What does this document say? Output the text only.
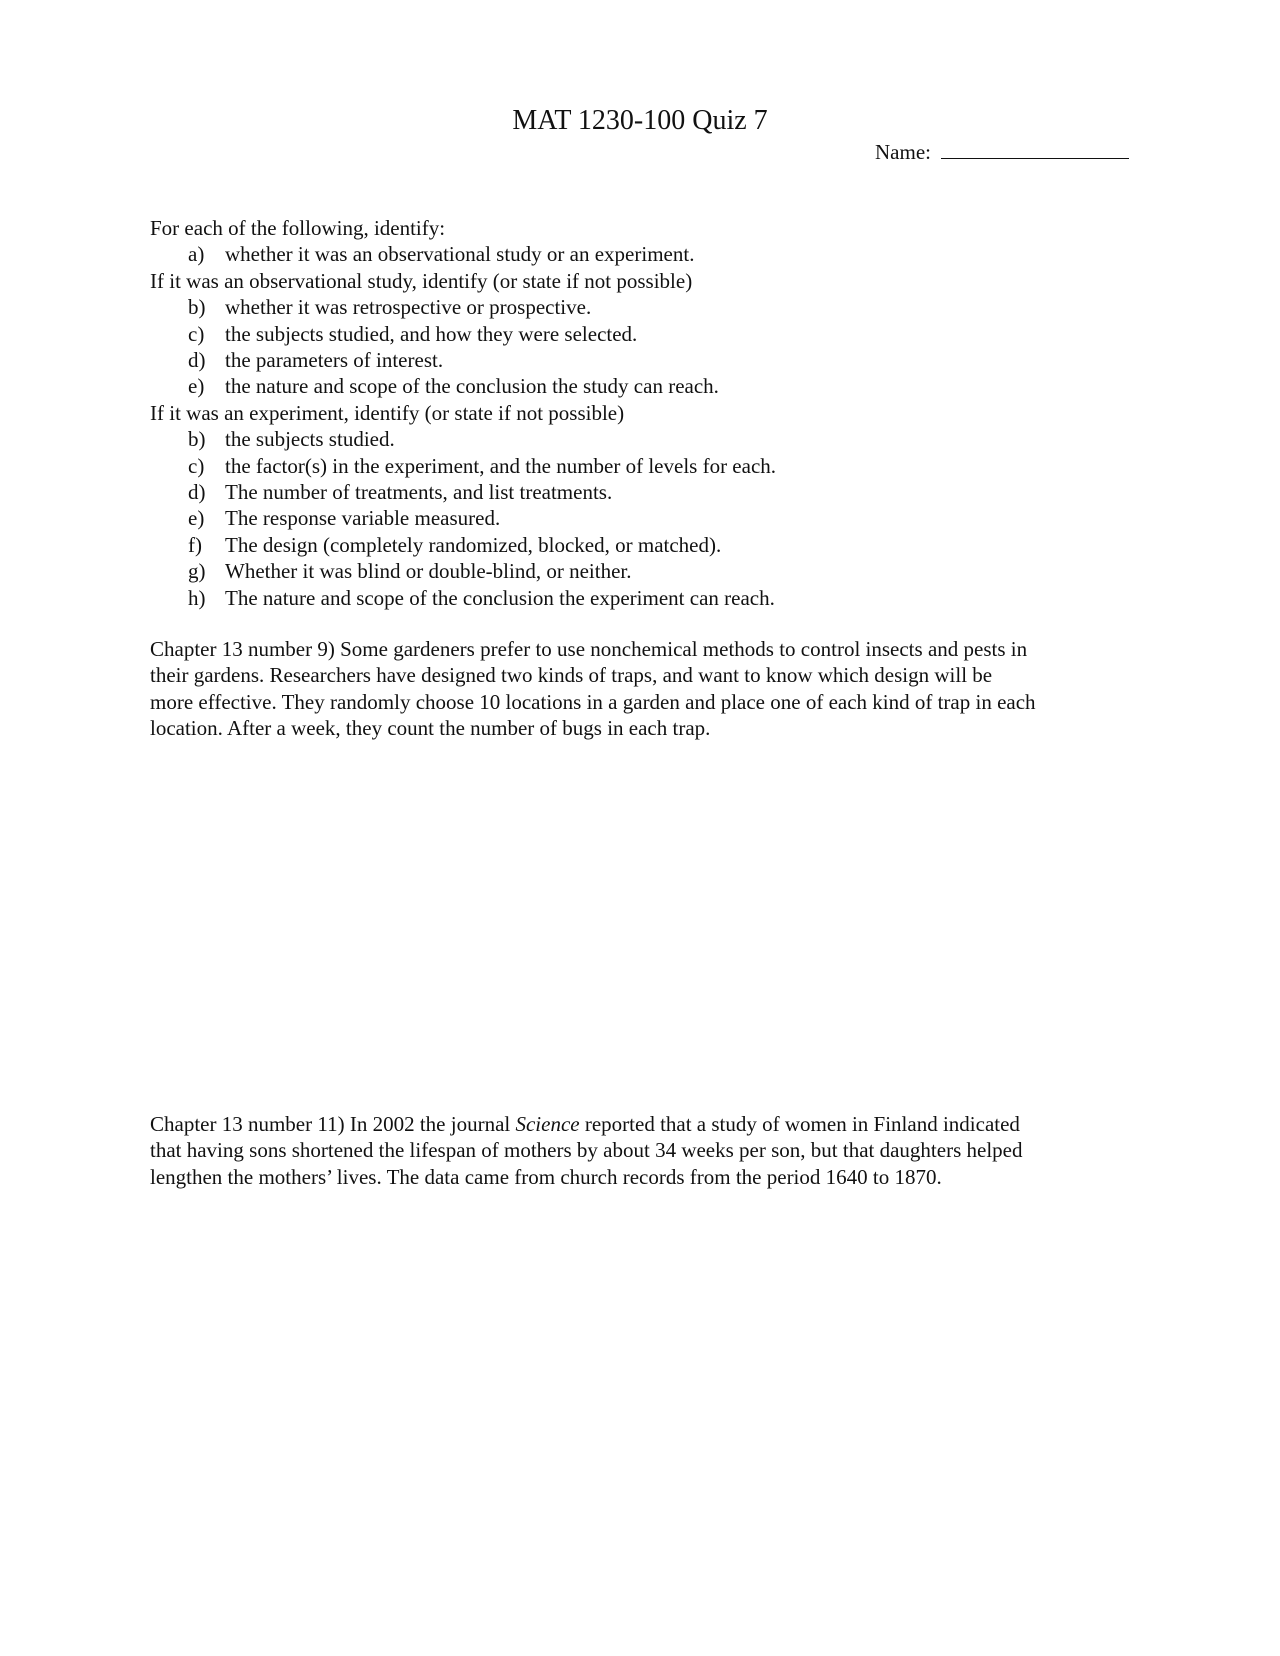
MAT 1230-100 Quiz 7
Name:

For each of the following, identify:

a) whether it was an observational study or an experiment.

If it was an observational study, identify (or state if not possible)

b) whether it was retrospective or prospective.

c) the subjects studied, and how they were selected.

d) the parameters of interest.

e) the nature and scope of the conclusion the study can reach.

If it was an experiment, identify (or state if not possible)

b) the subjects studied.

c) the factor(s) in the experiment, and the number of levels for each.

d) The number of treatments, and list treatments.

e) The response variable measured.

f) The design (completely randomized, blocked, or matched).

g) Whether it was blind or double-blind, or neither.

h) The nature and scope of the conclusion the experiment can reach.

Chapter 13 number 9) Some gardeners prefer to use nonchemical methods to control insects and pests in

their gardens. Researchers have designed two kinds of traps, and want to know which design will be

more effective. They randomly choose 10 locations in a garden and place one of each kind of trap in each

location. After a week, they count the number of bugs in each trap.

Chapter 13 number 11) In 2002 the journal Science reported that a study of women in Finland indicated

that having sons shortened the lifespan of mothers by about 34 weeks per son, but that daughters helped

lengthen the mothers’ lives. The data came from church records from the period 1640 to 1870.
